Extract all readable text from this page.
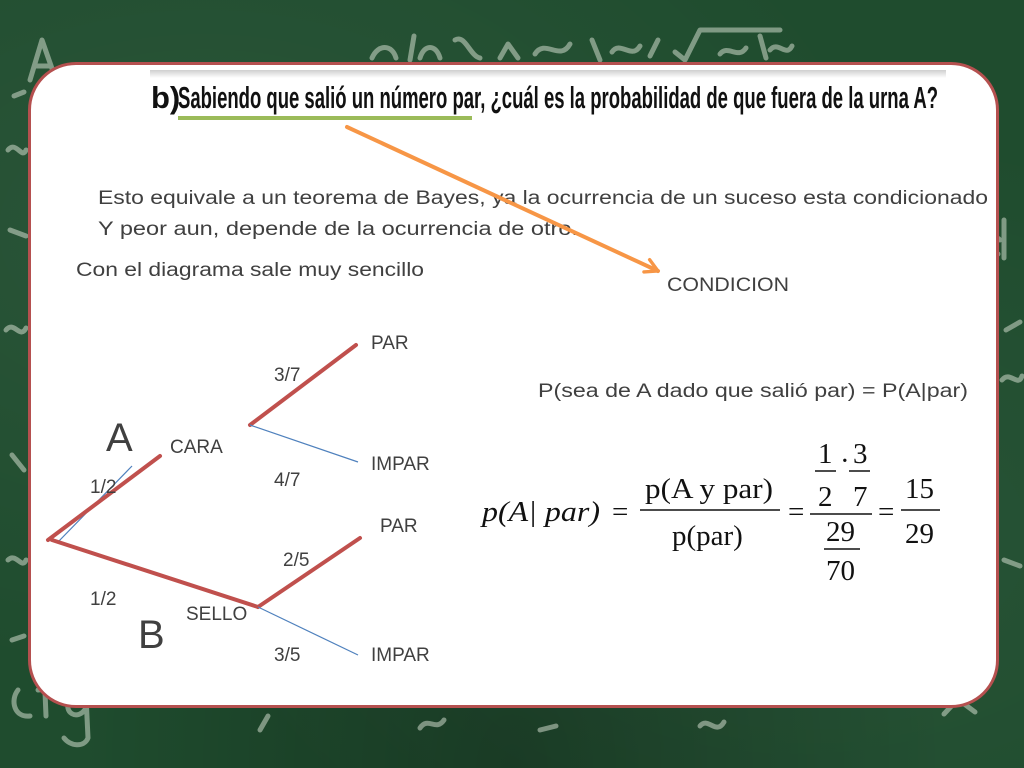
b)
Sabiendo que salió un número par, ¿cuál es la probabilidad de que fuera de la urna A?
Esto equivale a un teorema de Bayes, ya la ocurrencia de un suceso esta condicionado
Y peor aun, depende de la ocurrencia de otro.
Con el diagrama sale muy sencillo
CONDICION
P(sea de A dado que salió par) = P(A|par)
PAR
3/7
A CARA
IMPAR
4/7
1/2
PAR
2/5
1/2
SELLO
B	3/5	IMPAR
p(A| par) =
p(A y par)
p(par)
=
1
2
· 3
7
29
70
=
15
29
